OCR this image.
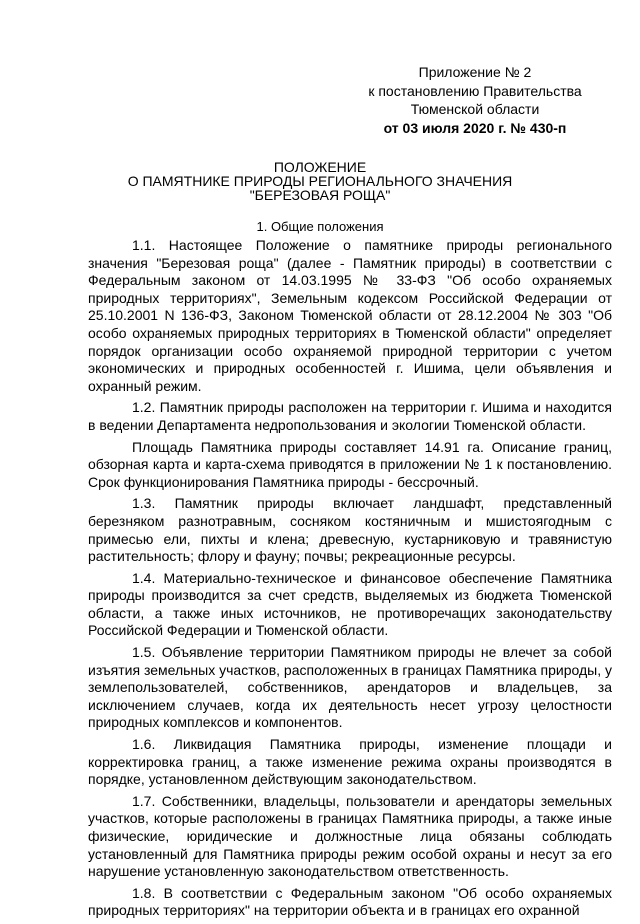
Приложение № 2
к постановлению Правительства
Тюменской области
от 03 июля 2020 г. № 430-п
ПОЛОЖЕНИЕ
О ПАМЯТНИКЕ ПРИРОДЫ РЕГИОНАЛЬНОГО ЗНАЧЕНИЯ
"БЕРЕЗОВАЯ РОЩА"
1. Общие положения

1.1. Настоящее Положение о памятнике природы регионального значения "Березовая роща" (далее - Памятник природы) в соответствии с Федеральным законом от 14.03.1995 № 33-ФЗ "Об особо охраняемых природных территориях", Земельным кодексом Российской Федерации от 25.10.2001 N 136-ФЗ, Законом Тюменской области от 28.12.2004 № 303 "Об особо охраняемых природных территориях в Тюменской области" определяет порядок организации особо охраняемой природной территории с учетом экономических и природных особенностей г. Ишима, цели объявления и охранный режим.

1.2. Памятник природы расположен на территории г. Ишима и находится в ведении Департамента недропользования и экологии Тюменской области.

Площадь Памятника природы составляет 14.91 га. Описание границ, обзорная карта и карта-схема приводятся в приложении № 1 к постановлению. Срок функционирования Памятника природы - бессрочный.

1.3. Памятник природы включает ландшафт, представленный березняком разнотравным, сосняком костяничным и мшистоягодным с примесью ели, пихты и клена; древесную, кустарниковую и травянистую растительность; флору и фауну; почвы; рекреационные ресурсы.

1.4. Материально-техническое и финансовое обеспечение Памятника природы производится за счет средств, выделяемых из бюджета Тюменской области, а также иных источников, не противоречащих законодательству Российской Федерации и Тюменской области.

1.5. Объявление территории Памятником природы не влечет за собой изъятия земельных участков, расположенных в границах Памятника природы, у землепользователей, собственников, арендаторов и владельцев, за исключением случаев, когда их деятельность несет угрозу целостности природных комплексов и компонентов.

1.6. Ликвидация Памятника природы, изменение площади и корректировка границ, а также изменение режима охраны производятся в порядке, установленном действующим законодательством.

1.7. Собственники, владельцы, пользователи и арендаторы земельных участков, которые расположены в границах Памятника природы, а также иные физические, юридические и должностные лица обязаны соблюдать установленный для Памятника природы режим особой охраны и несут за его нарушение установленную законодательством ответственность.

1.8. В соответствии с Федеральным законом "Об особо охраняемых природных территориях" на территории объекта и в границах его охранной
